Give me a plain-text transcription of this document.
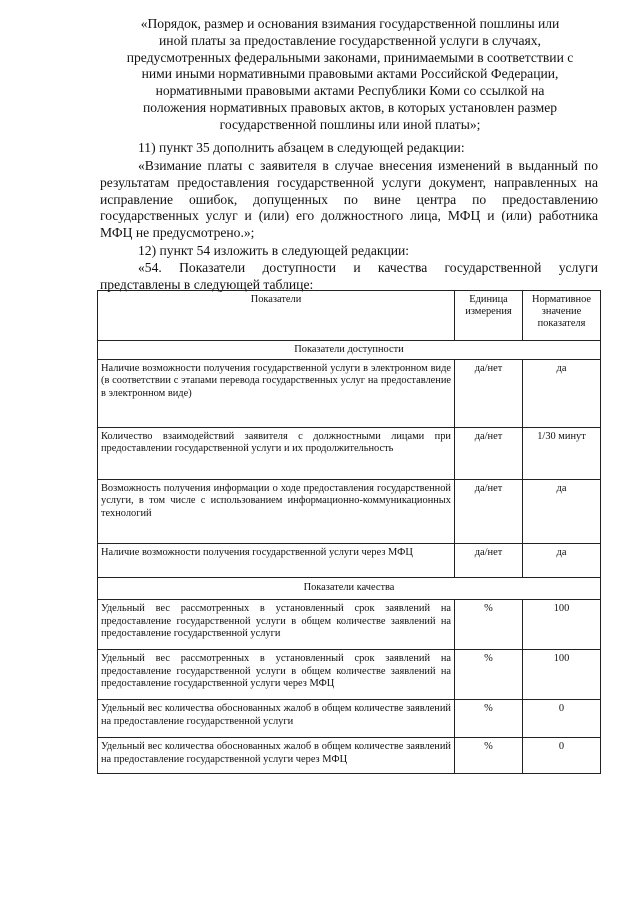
«Порядок, размер и основания взимания государственной пошлины или
иной платы за предоставление государственной услуги в случаях,
предусмотренных федеральными законами, принимаемыми в соответствии с
ними иными нормативными правовыми актами Российской Федерации,
нормативными правовыми актами Республики Коми со ссылкой на
положения нормативных правовых актов, в которых установлен размер
государственной пошлины или иной платы»;
11) пункт 35 дополнить абзацем в следующей редакции:
«Взимание платы с заявителя в случае внесения изменений в выданный по результатам предоставления государственной услуги документ, направленных на исправление ошибок, допущенных по вине центра по предоставлению государственных услуг и (или) его должностного лица, МФЦ и (или) работника МФЦ не предусмотрено.»;
12) пункт 54 изложить в следующей редакции:
«54. Показатели доступности и качества государственной услуги представлены в следующей таблице:
Показатели	Единица измерения	Нормативное значение показателя
Показатели доступности		
Наличие возможности получения государственной услуги в электронном виде (в соответствии с этапами перевода государственных услуг на предоставление в электронном виде)	да/нет	да
Количество взаимодействий заявителя с должностными лицами при предоставлении государственной услуги и их продолжительность	да/нет	1/30 минут
Возможность получения информации о ходе предоставления государственной услуги, в том числе с использованием информационно-коммуникационных технологий	да/нет	да
Наличие возможности получения государственной услуги через МФЦ	да/нет	да
Показатели качества		
Удельный вес рассмотренных в установленный срок заявлений на предоставление государственной услуги в общем количестве заявлений на предоставление государственной услуги	%	100
Удельный вес рассмотренных в установленный срок заявлений на предоставление государственной услуги в общем количестве заявлений на предоставление государственной услуги через МФЦ	%	100
Удельный вес количества обоснованных жалоб в общем количестве заявлений на предоставление государственной услуги	%	0
Удельный вес количества обоснованных жалоб в общем количестве заявлений на предоставление государственной услуги через МФЦ	%	0
